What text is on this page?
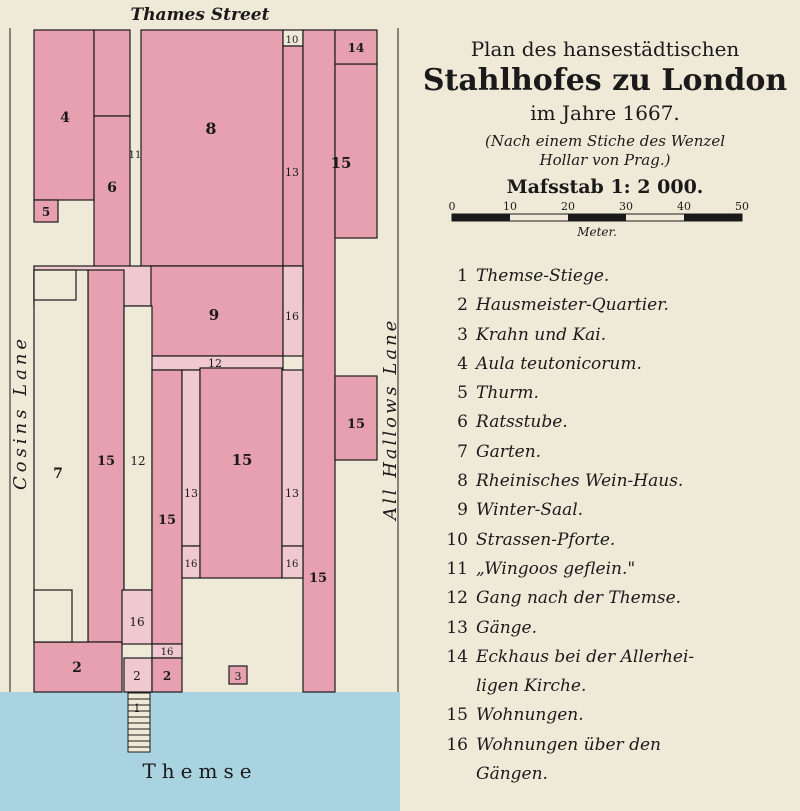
Thames Street
Cosins Lane	All Hallows Lane
Themse
4
5
6
8
10
11
13
14
15
9	16
12
15
7
15 12	15
13	13
15
16	16
15
16
16
2	2 2	3
1

Plan des hansestädtischen

Stahlhofes zu London

im Jahre 1667.

(Nach einem Stiche des Wenzel

Hollar von Prag.)

Mafsstab 1: 2 000.

0	10	20	30	40	50
Meter.
1 Themse-Stiege.
2 Hausmeister-Quartier.
3 Krahn und Kai.
4 Aula teutonicorum.
5 Thurm.
6 Ratsstube.
7 Garten.
8 Rheinisches Wein-Haus.
9 Winter-Saal.
10 Strassen-Pforte.
11 „Wingoos geflein."
12 Gang nach der Themse.
13 Gänge.
14 Eckhaus bei der Allerhei-
ligen Kirche.
15 Wohnungen.
16 Wohnungen über den
Gängen.
